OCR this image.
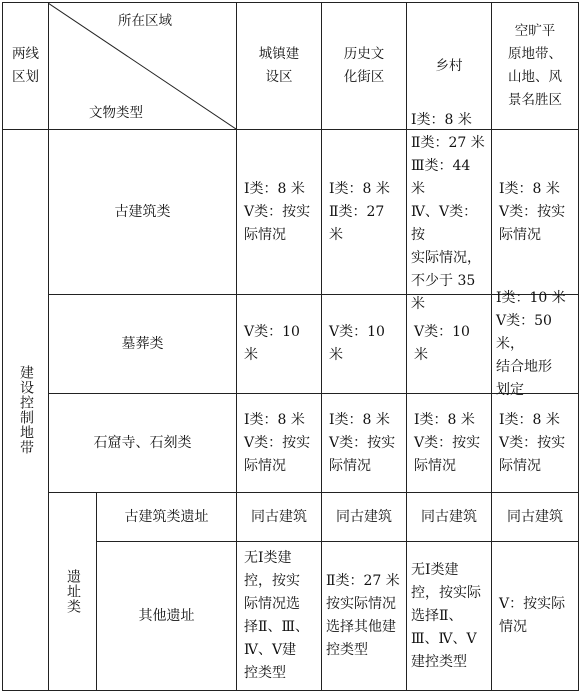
两线
区划
所在区域
文物类型
城镇建
设区
历史文
化街区
乡村
空旷平
原地带、
山地、风
景名胜区
建设控制地带
古建筑类
Ⅰ类：8 米
Ⅴ类：按实
际情况
Ⅰ类：8 米
Ⅱ类：27 米
Ⅰ类：8 米
Ⅱ类：27 米
Ⅲ类：44 米
Ⅳ、Ⅴ类：按
实际情况，
不少于 35
米
Ⅰ类：8 米
Ⅴ类：按实
际情况
墓葬类
Ⅴ类：10 米
Ⅴ类：10 米
Ⅴ类：10 米
Ⅰ类：10 米
Ⅴ类：50 米，
结合地形
划定
石窟寺、石刻类
Ⅰ类：8 米
Ⅴ类：按实
际情况
Ⅰ类：8 米
Ⅴ类：按实
际情况
Ⅰ类：8 米
Ⅴ类：按实
际情况
Ⅰ类：8 米
Ⅴ类：按实
际情况
遗址类
古建筑类遗址	同古建筑 同古建筑 同古建筑 同古建筑
其他遗址
无Ⅰ类建
控，按实
际情况选
择Ⅱ、Ⅲ、
Ⅳ、Ⅴ建
控类型
Ⅱ类：27 米
按实际情况
选择其他建
控类型
无Ⅰ类建
控，按实际
选择Ⅱ、
Ⅲ、Ⅳ、Ⅴ
建控类型
Ⅴ：按实际
情况
